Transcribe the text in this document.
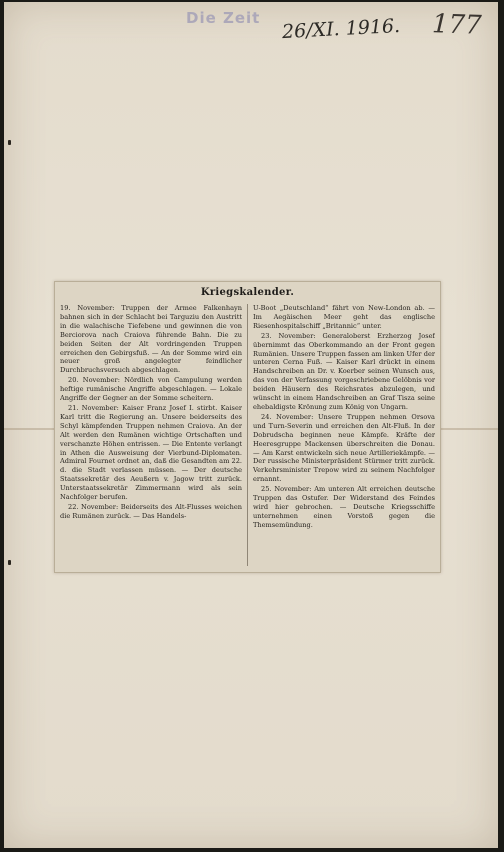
Die Zeit 26/XI. 1916. 177
Kriegskalender.

19. November: Truppen der Armee Falkenhayn bahnen sich in der Schlacht bei Targuziu den Austritt in die walachische Tiefebene und gewinnen die von Berciorova nach Craiova führende Bahn. Die zu beiden Seiten der Alt vordringenden Truppen erreichen den Gebirgsfuß. — An der Somme wird ein neuer groß angelegter feindlicher Durchbruchsversuch abgeschlagen.

20. November: Nördlich von Campulung werden heftige rumänische Angriffe abgeschlagen. — Lokale Angriffe der Gegner an der Somme scheitern.

21. November: Kaiser Franz Josef I. stirbt. Kaiser Karl tritt die Regierung an. Unsere beiderseits des Schyl kämpfenden Truppen nehmen Craiova. An der Alt werden den Rumänen wichtige Ortschaften und verschanzte Höhen entrissen. — Die Entente verlangt in Athen die Ausweisung der Vierbund-Diplomaten. Admiral Fournet ordnet an, daß die Gesandten am 22. d. die Stadt verlassen müssen. — Der deutsche Staatssekretär des Aeußern v. Jagow tritt zurück. Unterstaatssekretär Zimmermann wird als sein Nachfolger berufen.

22. November: Beiderseits des Alt-Flusses weichen die Rumänen zurück. — Das Handels-

U-Boot „Deutschland“ fährt von New-London ab. — Im Aegäischen Meer geht das englische Riesenhospitalschiff „Britannic“ unter.

23. November: Generaloberst Erzherzog Josef übernimmt das Oberkommando an der Front gegen Rumänien. Unsere Truppen fassen am linken Ufer der unteren Cerna Fuß. — Kaiser Karl drückt in einem Handschreiben an Dr. v. Koerber seinen Wunsch aus, das von der Verfassung vorgeschriebene Gelöbnis vor beiden Häusern des Reichsrates abzulegen, und wünscht in einem Handschreiben an Graf Tisza seine ehebaldigste Krönung zum König von Ungarn.

24. November: Unsere Truppen nehmen Orsova und Turn-Severin und erreichen den Alt-Fluß. In der Dobrudscha beginnen neue Kämpfe. Kräfte der Heeresgruppe Mackensen überschreiten die Donau. — Am Karst entwickeln sich neue Artilleriekämpfe. — Der russische Ministerpräsident Stürmer tritt zurück. Verkehrsminister Trepow wird zu seinem Nachfolger ernannt.

25. November: Am unteren Alt erreichen deutsche Truppen das Ostufer. Der Widerstand des Feindes wird hier gebrochen. — Deutsche Kriegsschiffe unternehmen einen Vorstoß gegen die Themsemündung.
